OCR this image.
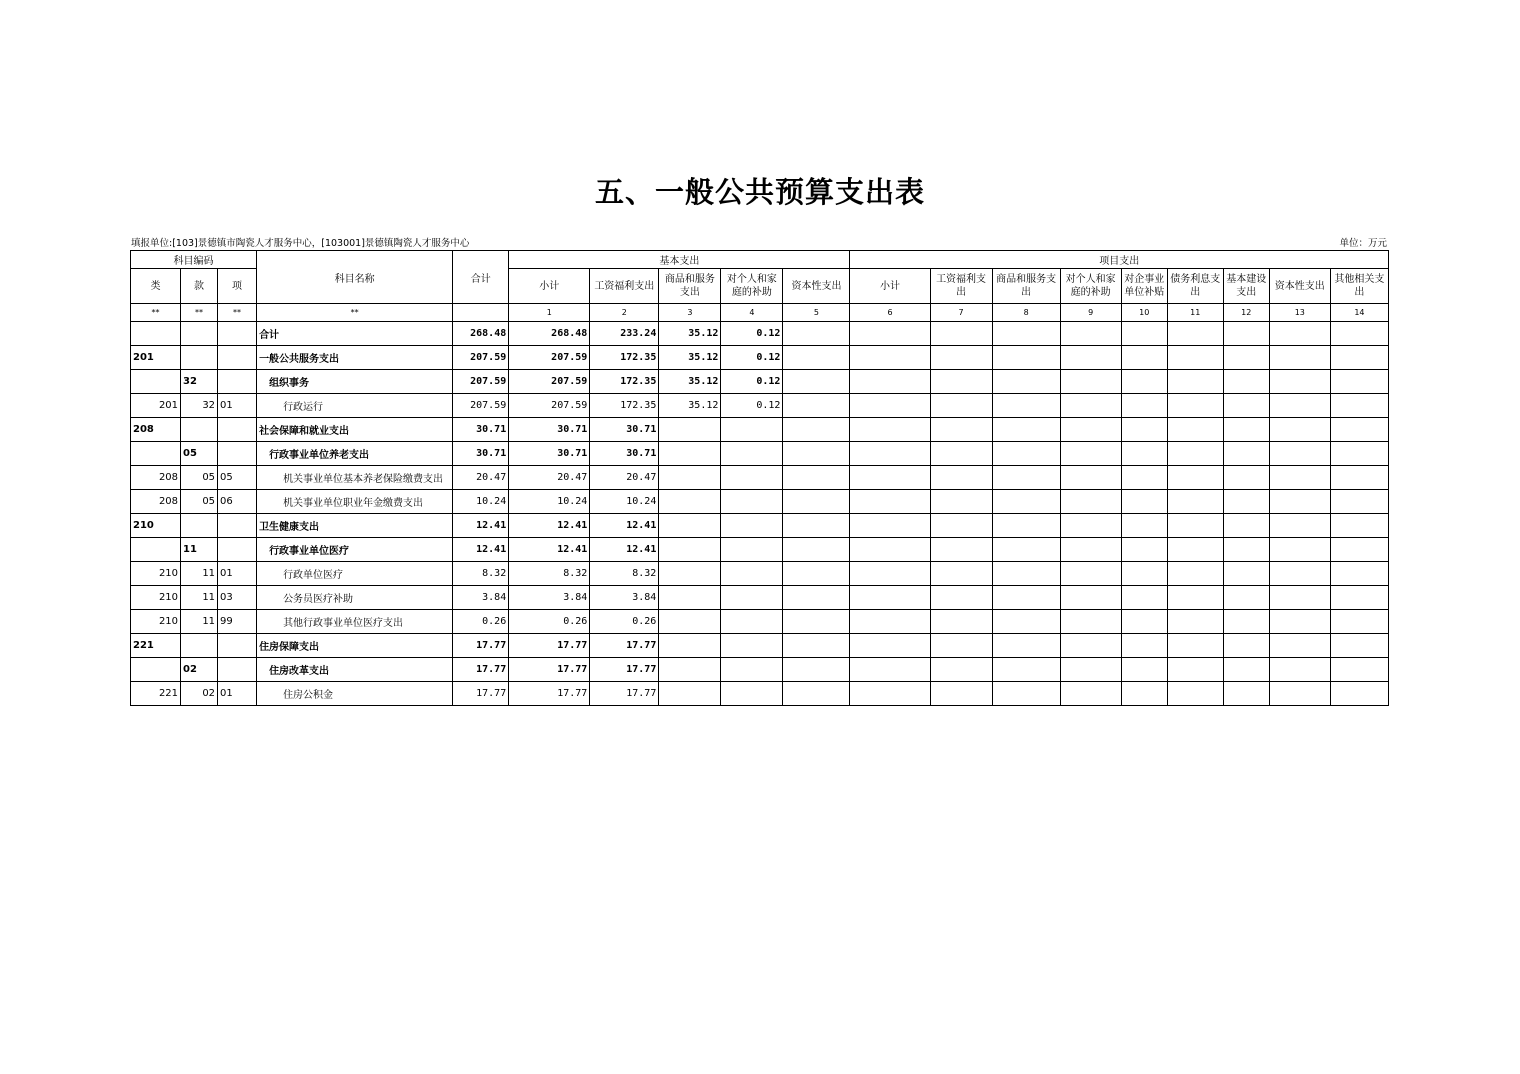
五、一般公共预算支出表
填报单位:[103]景德镇市陶瓷人才服务中心，[103001]景德镇陶瓷人才服务中心	单位：万元
科目编码			科目名称	合计	基本支出					项目支出								
类	款	项			小计	工资福利支出	商品和服务支出	对个人和家庭的补助	资本性支出	小计	工资福利支出	商品和服务支出	对个人和家庭的补助	对企事业单位补贴	债务利息支出	基本建设支出	资本性支出	其他相关支出
**	**	**	**		1	2	3	4	5	6	7	8	9	10	11	12	13	14
			合计	268.48	268.48	233.24	35.12	0.12										
201			一般公共服务支出	207.59	207.59	172.35	35.12	0.12										
	32		组织事务	207.59	207.59	172.35	35.12	0.12										
201	32	01	行政运行	207.59	207.59	172.35	35.12	0.12										
208			社会保障和就业支出	30.71	30.71	30.71												
	05		行政事业单位养老支出	30.71	30.71	30.71												
208	05	05	机关事业单位基本养老保险缴费支出	20.47	20.47	20.47												
208	05	06	机关事业单位职业年金缴费支出	10.24	10.24	10.24												
210			卫生健康支出	12.41	12.41	12.41												
	11		行政事业单位医疗	12.41	12.41	12.41												
210	11	01	行政单位医疗	8.32	8.32	8.32												
210	11	03	公务员医疗补助	3.84	3.84	3.84												
210	11	99	其他行政事业单位医疗支出	0.26	0.26	0.26												
221			住房保障支出	17.77	17.77	17.77												
	02		住房改革支出	17.77	17.77	17.77												
221	02	01	住房公积金	17.77	17.77	17.77												
